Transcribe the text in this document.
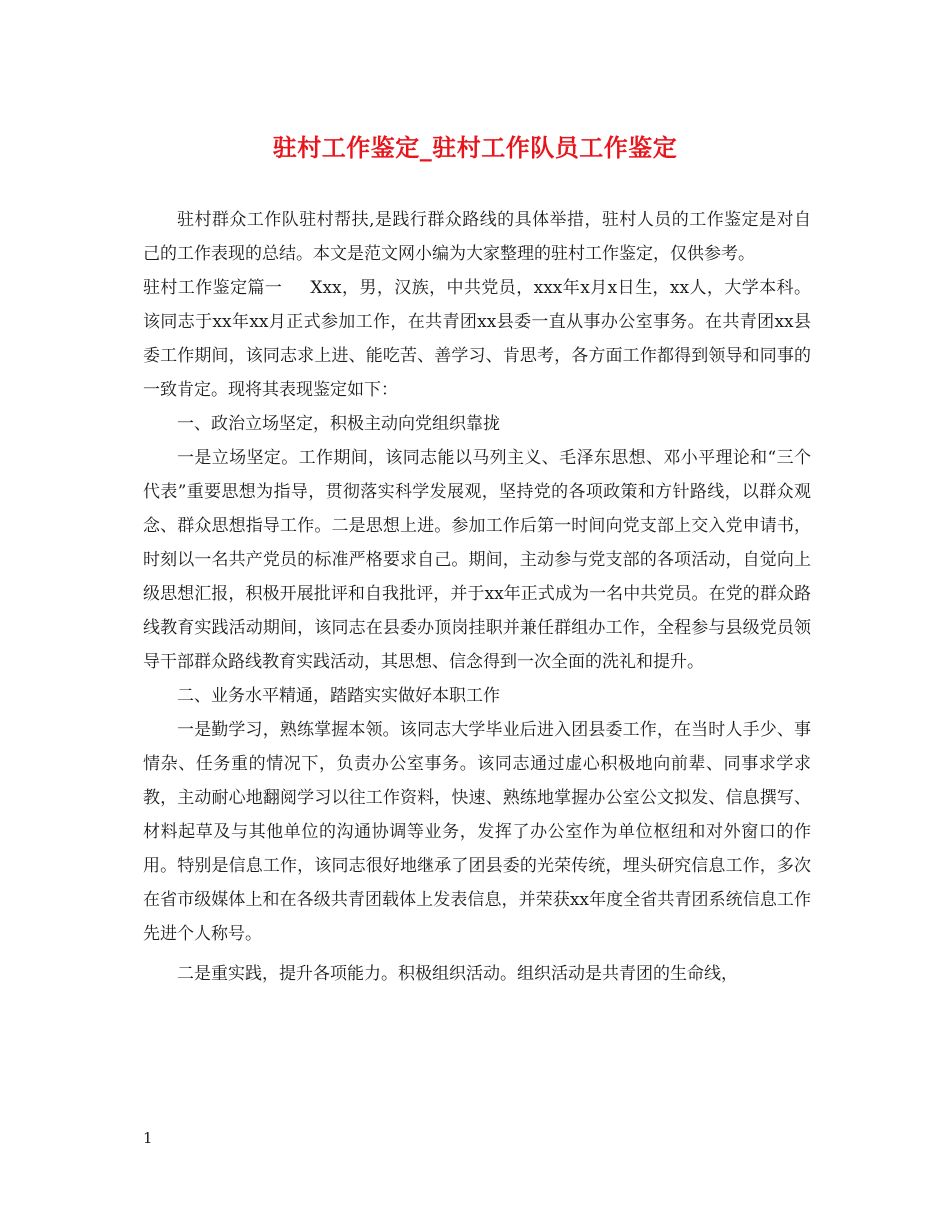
驻村工作鉴定_驻村工作队员工作鉴定

驻村群众工作队驻村帮扶,是践行群众路线的具体举措，驻村人员的工作鉴定是对自己的工作表现的总结。本文是范文网小编为大家整理的驻村工作鉴定，仅供参考。

驻村工作鉴定篇一 Xxx，男，汉族，中共党员，xxx年x月x日生，xx人，大学本科。该同志于xx年xx月正式参加工作，在共青团xx县委一直从事办公室事务。在共青团xx县委工作期间，该同志求上进、能吃苦、善学习、肯思考，各方面工作都得到领导和同事的一致肯定。现将其表现鉴定如下：

一、政治立场坚定，积极主动向党组织靠拢

一是立场坚定。工作期间，该同志能以马列主义、毛泽东思想、邓小平理论和“三个代表”重要思想为指导，贯彻落实科学发展观，坚持党的各项政策和方针路线，以群众观念、群众思想指导工作。二是思想上进。参加工作后第一时间向党支部上交入党申请书，时刻以一名共产党员的标准严格要求自己。期间，主动参与党支部的各项活动，自觉向上级思想汇报，积极开展批评和自我批评，并于xx年正式成为一名中共党员。在党的群众路线教育实践活动期间，该同志在县委办顶岗挂职并兼任群组办工作，全程参与县级党员领导干部群众路线教育实践活动，其思想、信念得到一次全面的洗礼和提升。

二、业务水平精通，踏踏实实做好本职工作

一是勤学习，熟练掌握本领。该同志大学毕业后进入团县委工作，在当时人手少、事情杂、任务重的情况下，负责办公室事务。该同志通过虚心积极地向前辈、同事求学求教，主动耐心地翻阅学习以往工作资料，快速、熟练地掌握办公室公文拟发、信息撰写、材料起草及与其他单位的沟通协调等业务，发挥了办公室作为单位枢纽和对外窗口的作用。特别是信息工作，该同志很好地继承了团县委的光荣传统，埋头研究信息工作，多次在省市级媒体上和在各级共青团载体上发表信息，并荣获xx年度全省共青团系统信息工作先进个人称号。

二是重实践，提升各项能力。积极组织活动。组织活动是共青团的生命线，

1
